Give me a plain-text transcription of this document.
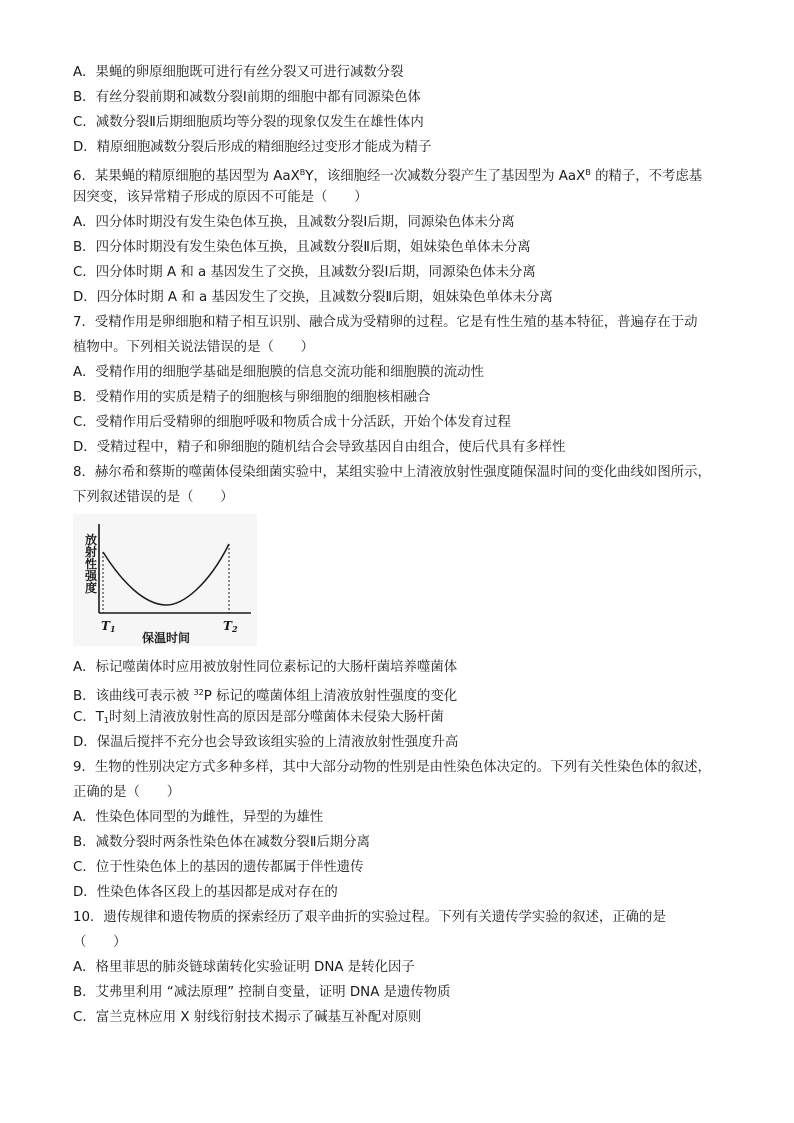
A．果蝇的卵原细胞既可进行有丝分裂又可进行减数分裂
B．有丝分裂前期和减数分裂Ⅰ前期的细胞中都有同源染色体
C．减数分裂Ⅱ后期细胞质均等分裂的现象仅发生在雄性体内
D．精原细胞减数分裂后形成的精细胞经过变形才能成为精子
6．某果蝇的精原细胞的基因型为 AaX$^B$Y，该细胞经一次减数分裂产生了基因型为 AaX$^B$ 的精子，不考虑基
因突变，该异常精子形成的原因不可能是（　　）
A．四分体时期没有发生染色体互换，且减数分裂Ⅰ后期，同源染色体未分离
B．四分体时期没有发生染色体互换，且减数分裂Ⅱ后期，姐妹染色单体未分离
C．四分体时期 A 和 a 基因发生了交换，且减数分裂Ⅰ后期，同源染色体未分离
D．四分体时期 A 和 a 基因发生了交换，且减数分裂Ⅱ后期，姐妹染色单体未分离
7．受精作用是卵细胞和精子相互识别、融合成为受精卵的过程。它是有性生殖的基本特征，普遍存在于动
植物中。下列相关说法错误的是（　　）
A．受精作用的细胞学基础是细胞膜的信息交流功能和细胞膜的流动性
B．受精作用的实质是精子的细胞核与卵细胞的细胞核相融合
C．受精作用后受精卵的细胞呼吸和物质合成十分活跃，开始个体发育过程
D．受精过程中，精子和卵细胞的随机结合会导致基因自由组合，使后代具有多样性
8．赫尔希和蔡斯的噬菌体侵染细菌实验中，某组实验中上清液放射性强度随保温时间的变化曲线如图所示，
下列叙述错误的是（　　）
放射性强度
$T_1$	$T_2$
保温时间
A．标记噬菌体时应用被放射性同位素标记的大肠杆菌培养噬菌体
B．该曲线可表示被 $^{32}$P 标记的噬菌体组上清液放射性强度的变化
C．$T_1$时刻上清液放射性高的原因是部分噬菌体未侵染大肠杆菌
D．保温后搅拌不充分也会导致该组实验的上清液放射性强度升高
9．生物的性别决定方式多种多样，其中大部分动物的性别是由性染色体决定的。下列有关性染色体的叙述，
正确的是（　　）
A．性染色体同型的为雌性，异型的为雄性
B．减数分裂时两条性染色体在减数分裂Ⅱ后期分离
C．位于性染色体上的基因的遗传都属于伴性遗传
D．性染色体各区段上的基因都是成对存在的
10．遗传规律和遗传物质的探索经历了艰辛曲折的实验过程。下列有关遗传学实验的叙述，正确的是
（　　）
A．格里菲思的肺炎链球菌转化实验证明 DNA 是转化因子
B．艾弗里利用 “减法原理” 控制自变量，证明 DNA 是遗传物质
C．富兰克林应用 X 射线衍射技术揭示了碱基互补配对原则
